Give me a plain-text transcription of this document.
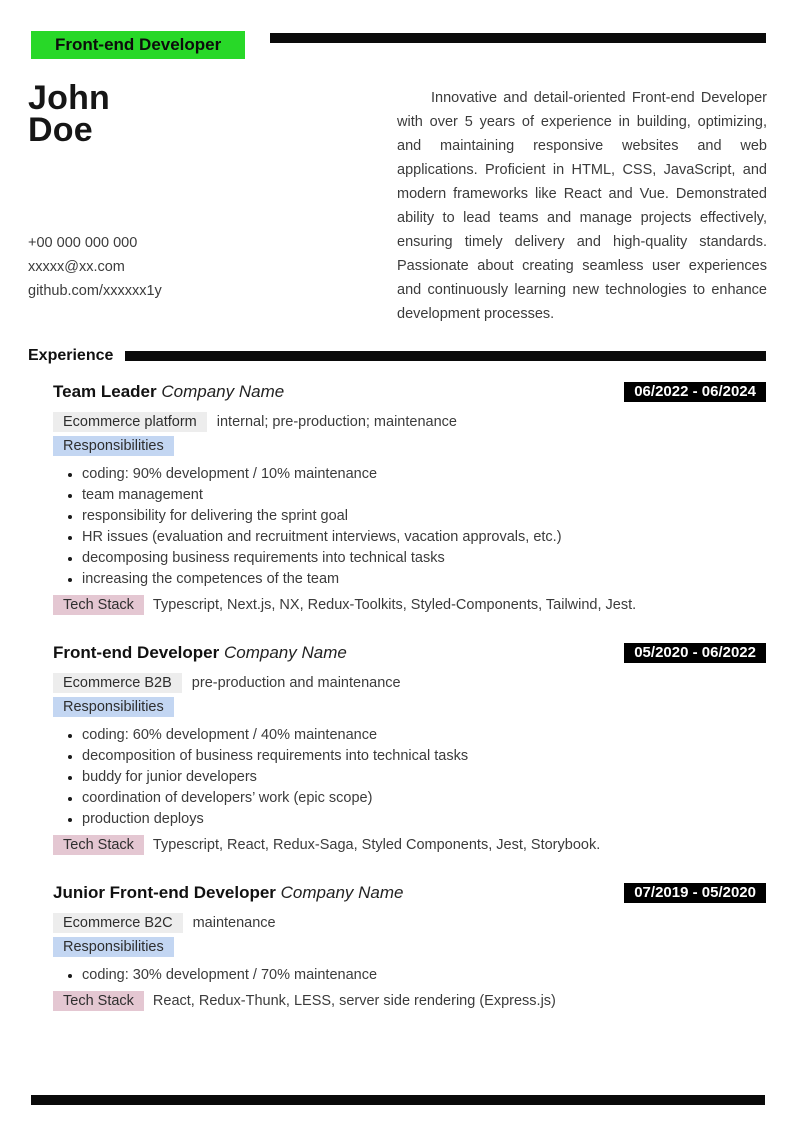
Front-end Developer
John
Doe
+00 000 000 000
xxxxx@xx.com
github.com/xxxxxx1y
Innovative and detail-oriented Front-end Developer with over 5 years of experience in building, optimizing, and maintaining responsive websites and web applications. Proficient in HTML, CSS, JavaScript, and modern frameworks like React and Vue. Demonstrated ability to lead teams and manage projects effectively, ensuring timely delivery and high-quality standards. Passionate about creating seamless user experiences and continuously learning new technologies to enhance development processes.
Experience
Team Leader Company Name	06/2022 - 06/2024
Ecommerce platform	internal; pre-production; maintenance
Responsibilities
• coding: 90% development / 10% maintenance
• team management
• responsibility for delivering the sprint goal
• HR issues (evaluation and recruitment interviews, vacation approvals, etc.)
• decomposing business requirements into technical tasks
• increasing the competences of the team
Tech Stack	Typescript, Next.js, NX, Redux-Toolkits, Styled-Components, Tailwind, Jest.
Front-end Developer Company Name	05/2020 - 06/2022
Ecommerce B2B	pre-production and maintenance
Responsibilities
• coding: 60% development / 40% maintenance
• decomposition of business requirements into technical tasks
• buddy for junior developers
• coordination of developers’ work (epic scope)
• production deploys
Tech Stack	Typescript, React, Redux-Saga, Styled Components, Jest, Storybook.
Junior Front-end Developer Company Name	07/2019 - 05/2020
Ecommerce B2C	maintenance
Responsibilities
• coding: 30% development / 70% maintenance
Tech Stack	React, Redux-Thunk, LESS, server side rendering (Express.js)
